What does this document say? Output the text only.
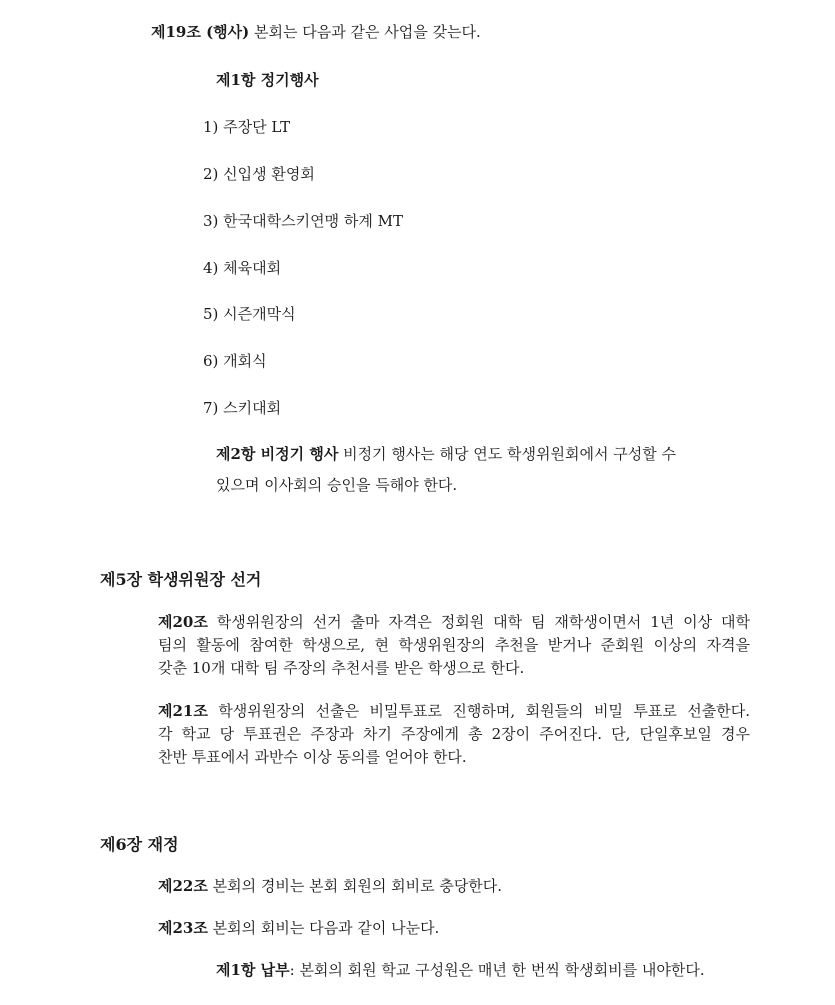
제19조 (행사) 본회는 다음과 같은 사업을 갖는다.
제1항 정기행사
1) 주장단 LT
2) 신입생 환영회
3) 한국대학스키연맹 하계 MT
4) 체육대회
5) 시즌개막식
6) 개회식
7) 스키대회
제2항 비정기 행사 비정기 행사는 해당 연도 학생위원회에서 구성할 수
있으며 이사회의 승인을 득해야 한다.
제5장 학생위원장 선거
제20조 학생위원장의 선거 출마 자격은 정회원 대학 팀 재학생이면서 1년 이상 대학
팀의 활동에 참여한 학생으로, 현 학생위원장의 추천을 받거나 준회원 이상의 자격을
갖춘 10개 대학 팀 주장의 추천서를 받은 학생으로 한다.
제21조 학생위원장의 선출은 비밀투표로 진행하며, 회원들의 비밀 투표로 선출한다.
각 학교 당 투표권은 주장과 차기 주장에게 총 2장이 주어진다. 단, 단일후보일 경우
찬반 투표에서 과반수 이상 동의를 얻어야 한다.
제6장 재정
제22조 본회의 경비는 본회 회원의 회비로 충당한다.
제23조 본회의 회비는 다음과 같이 나눈다.
제1항 납부: 본회의 회원 학교 구성원은 매년 한 번씩 학생회비를 내야한다.
